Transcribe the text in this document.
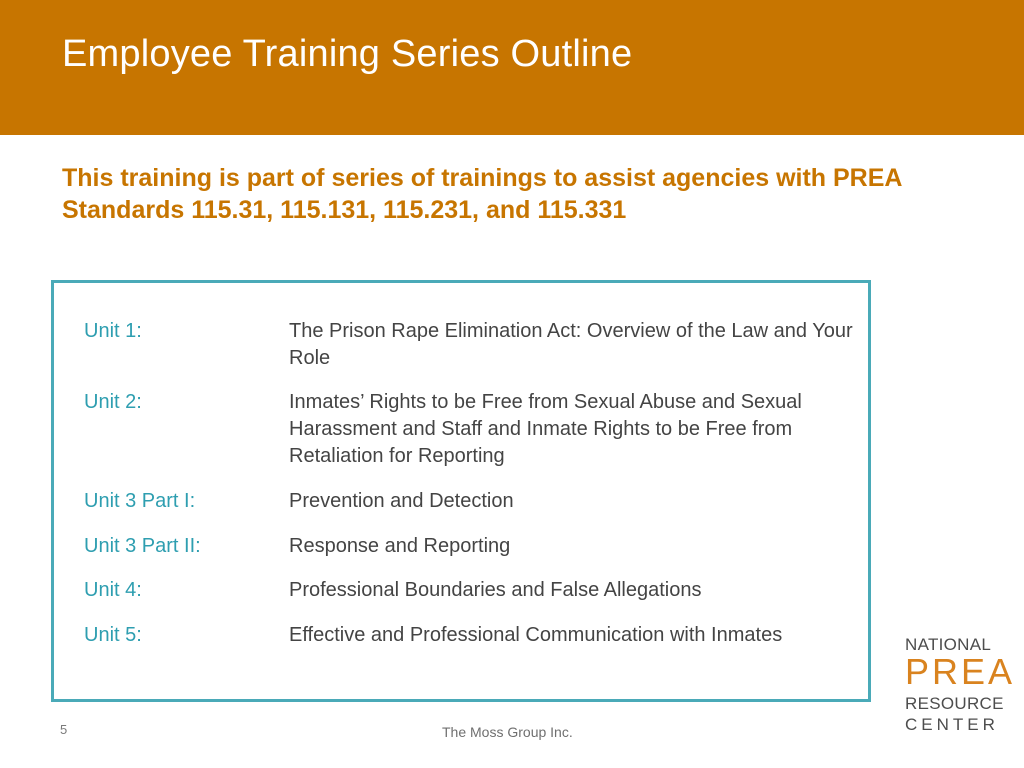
Employee Training Series Outline

This training is part of series of trainings to assist agencies with PREA Standards 115.31, 115.131, 115.231, and 115.331

Unit 1:	The Prison Rape Elimination Act: Overview of the Law and Your Role
Unit 2:	Inmates’ Rights to be Free from Sexual Abuse and Sexual Harassment and Staff and Inmate Rights to be Free from Retaliation for Reporting
Unit 3 Part I:	Prevention and Detection
Unit 3 Part II:	Response and Reporting
Unit 4:	Professional Boundaries and False Allegations
Unit 5:	Effective and Professional Communication with Inmates	NATIONAL
PREA
RESOURCE
CENTER
5	The Moss Group Inc.
